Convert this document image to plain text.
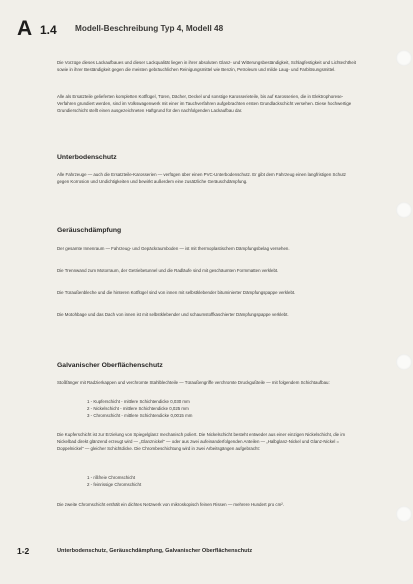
A 1.4 Modell-Beschreibung Typ 4, Modell 48

Die Vorzüge dieses Lackaufbaues und dieser Lackqualität liegen in ihrer absoluten Glanz- und Witterungsbeständigkeit, Schlagfestigkeit und Lichtechtheit sowie in ihrer Beständigkeit gegen die meisten gebräuchlichen Reinigungsmittel wie Benzin, Petroleum und milde Laug- und Farblösungsmittel.

Alle als Ersatzteile gelieferten kompletten Kotflügel, Türen, Dächer, Deckel und sonstige Karosserieteile, bis auf Karosserien, die in Elektrophorese-Verfahren grundiert werden, sind im Volkswagenwerk mit einer im Tauchverfahren aufgebrachten ersten Grundlackschicht versehen. Diese hochwertige Grundierschicht stellt einen ausgezeichneten Haftgrund für den nachfolgenden Lackaufbau dar.

Unterbodenschutz

Alle Fahrzeuge — auch die Ersatzteile-Karosserien — verfügen über einen PVC-Unterbodenschutz. Er gibt dem Fahrzeug einen langfristigen Schutz gegen Korrosion und Undichtigkeiten und bewirkt außerdem eine zusätzliche Geräuschdämpfung.

Geräuschdämpfung

Der gesamte Innenraum — Fahrzeug- und Gepäckraumboden — ist mit thermoplastischem Dämpfungsbelag versehen.

Die Trennwand zum Motorraum, der Getriebetunnel und die Radläufe sind mit geschäumten Formmatten verklebt.

Die Türaußenbleche und die hinteren Kotflügel sind von innen mit selbstklebender bituminierter Dämpfungspappe verklebt.

Die Motohbage und das Dach von innen ist mit selbstklebender und schaumstoffkaschierter Dämpfungspappe verklebt.

Galvanischer Oberflächenschutz

Stoßfänger mit Radzierkappen und verchromte Stahlblechteile — Türaußengriffe verchromte Druckgußteile — mit folgendem Schichtaufbau:

1 - Kupferschicht - mittlere Schichtendicke 0,030 mm
2 - Nickelschicht - mittlere Schichtendicke 0,025 mm
3 - Chromschicht - mittlere Schichtendicke 0,0015 mm

Die Kupferschicht ist zur Erzielung von Spiegelglanz mechanisch poliert. Die Nickelschicht besteht entweder aus einer einzigen Nickelschicht, die im Nickelbad direkt glänzend erzeugt wird — „Glanznickel" — oder aus zwei aufeinanderfolgenden Anteilen — „Halbglanz-Nickel und Glanz-Nickel = Doppelnickel" — gleicher Schichtdicke. Die Chrombeschichtung wird in zwei Arbeitsgängen aufgebracht:

1 - rißfreie Chromschicht
2 - feinrissige Chromschicht

Die zweite Chromschicht enthält ein dichtes Netzwerk von mikroskopisch feinen Rissen — mehrere Hundert pro cm².

1-2	Unterbodenschutz, Geräuschdämpfung, Galvanischer Oberflächenschutz
